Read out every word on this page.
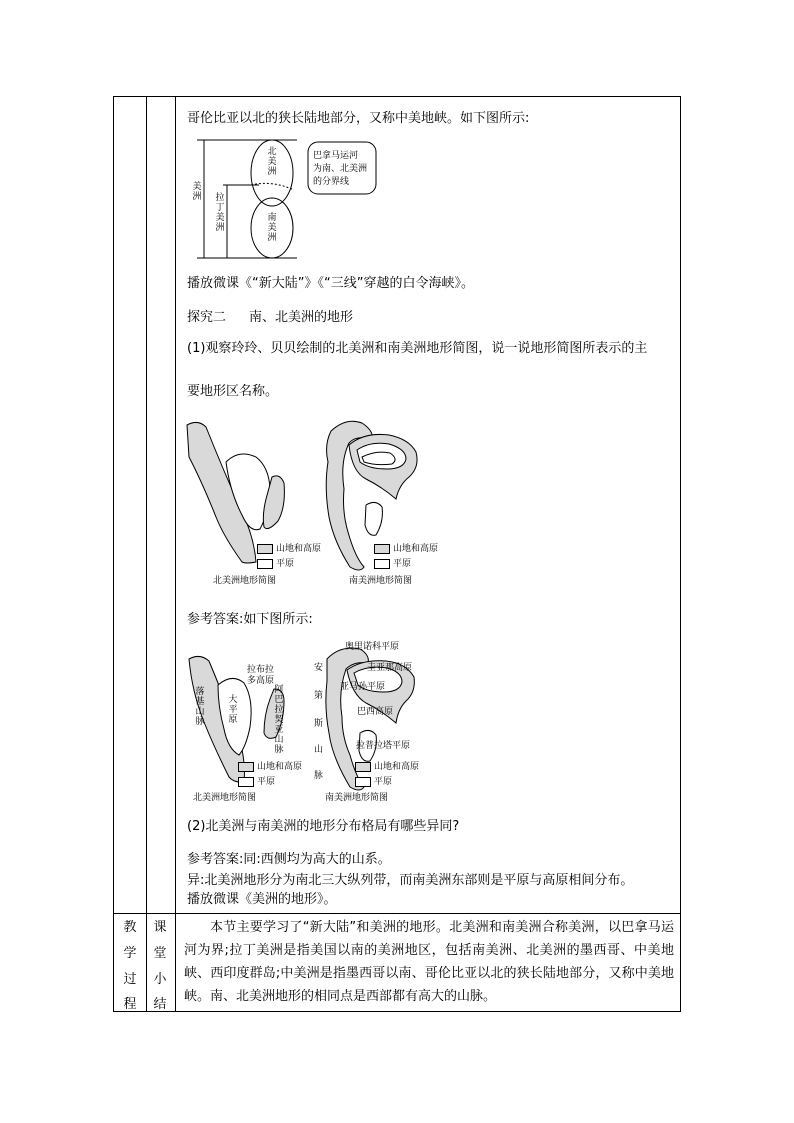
哥伦比亚以北的狭长陆地部分，又称中美地峡。如下图所示:
美洲 拉丁美洲
北美洲
南美洲
巴拿马运河
为南、北美洲
的分界线
播放微课《“新大陆”》《“三线”穿越的白令海峡》。
探究二 南、北美洲的地形
(1)观察玲玲、贝贝绘制的北美洲和南美洲地形简图，说一说地形简图所表示的主
要地形区名称。
山地和高原
平原
山地和高原
平原
北美洲地形简图	南美洲地形简图
参考答案:如下图所示:
落基山脉
大平原
拉布拉
多高原
阿巴拉契亚山脉
安
第
斯
山
脉
奥里诺科平原
圭亚那高原
亚马孙平原
巴西高原
拉普拉塔平原
山地和高原
平原
山地和高原
平原
北美洲地形简图	南美洲地形简图
(2)北美洲与南美洲的地形分布格局有哪些异同?
参考答案:同:西侧均为高大的山系。
异:北美洲地形分为南北三大纵列带，而南美洲东部则是平原与高原相间分布。
播放微课《美洲的地形》。
教
学
过
程
课
堂
小
结
本节主要学习了“新大陆”和美洲的地形。北美洲和南美洲合称美洲，以巴拿马运河为界;拉丁美洲是指美国以南的美洲地区，包括南美洲、北美洲的墨西哥、中美地峡、西印度群岛;中美洲是指墨西哥以南、哥伦比亚以北的狭长陆地部分，又称中美地峡。南、北美洲地形的相同点是西部都有高大的山脉。
